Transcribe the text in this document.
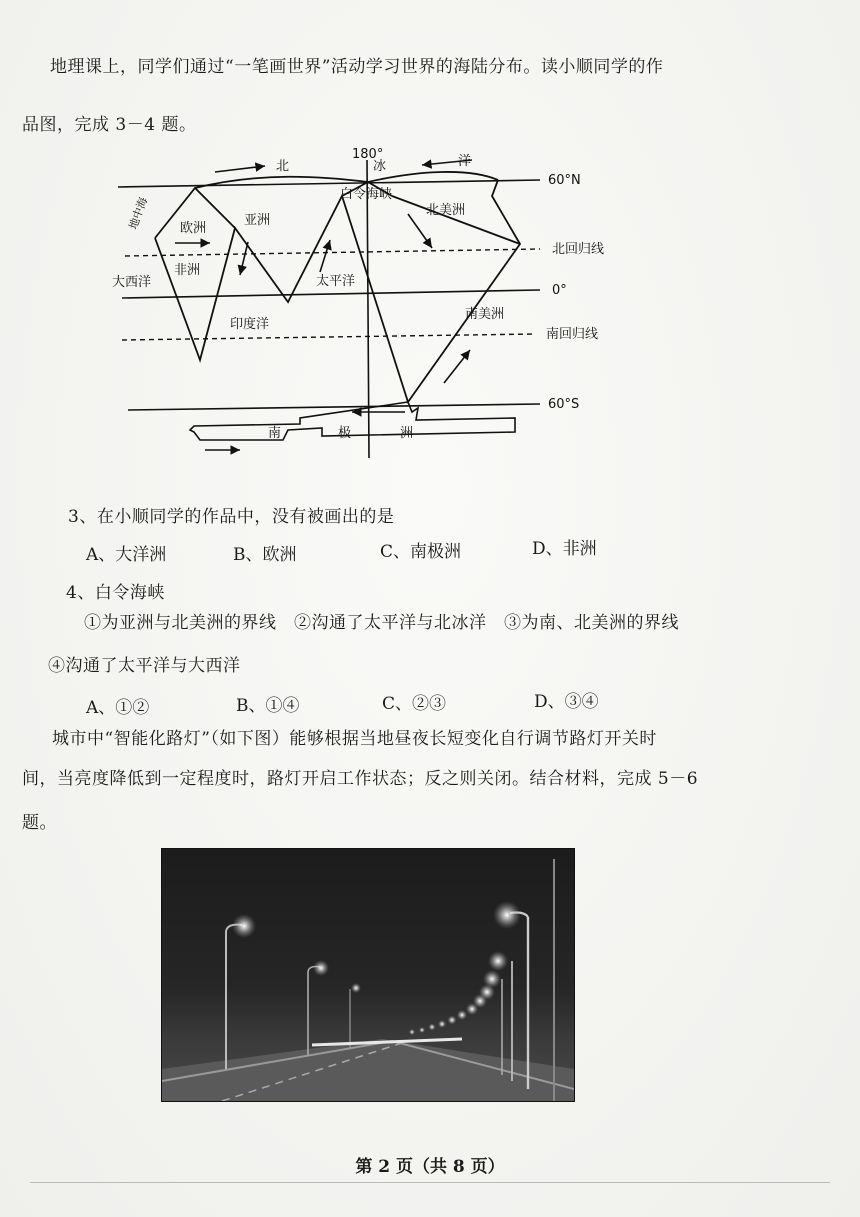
地理课上，同学们通过“一笔画世界”活动学习世界的海陆分布。读小顺同学的作
品图，完成 3－4 题。
180°
北	冰	洋
白令海峡
60°N
北回归线
0°
南回归线
60°S
欧洲
亚洲
北美洲
非洲
南美洲
大西洋	太平洋
印度洋
南	极	洲
地中海
3、在小顺同学的作品中，没有被画出的是
A、大洋洲	B、欧洲	C、南极洲	D、非洲
4、白令海峡
①为亚洲与北美洲的界线　②沟通了太平洋与北冰洋　③为南、北美洲的界线
④沟通了太平洋与大西洋
A、①②	B、①④	C、②③	D、③④
城市中“智能化路灯”（如下图）能够根据当地昼夜长短变化自行调节路灯开关时
间，当亮度降低到一定程度时，路灯开启工作状态；反之则关闭。结合材料，完成 5－6
题。
第 2 页（共 8 页）
